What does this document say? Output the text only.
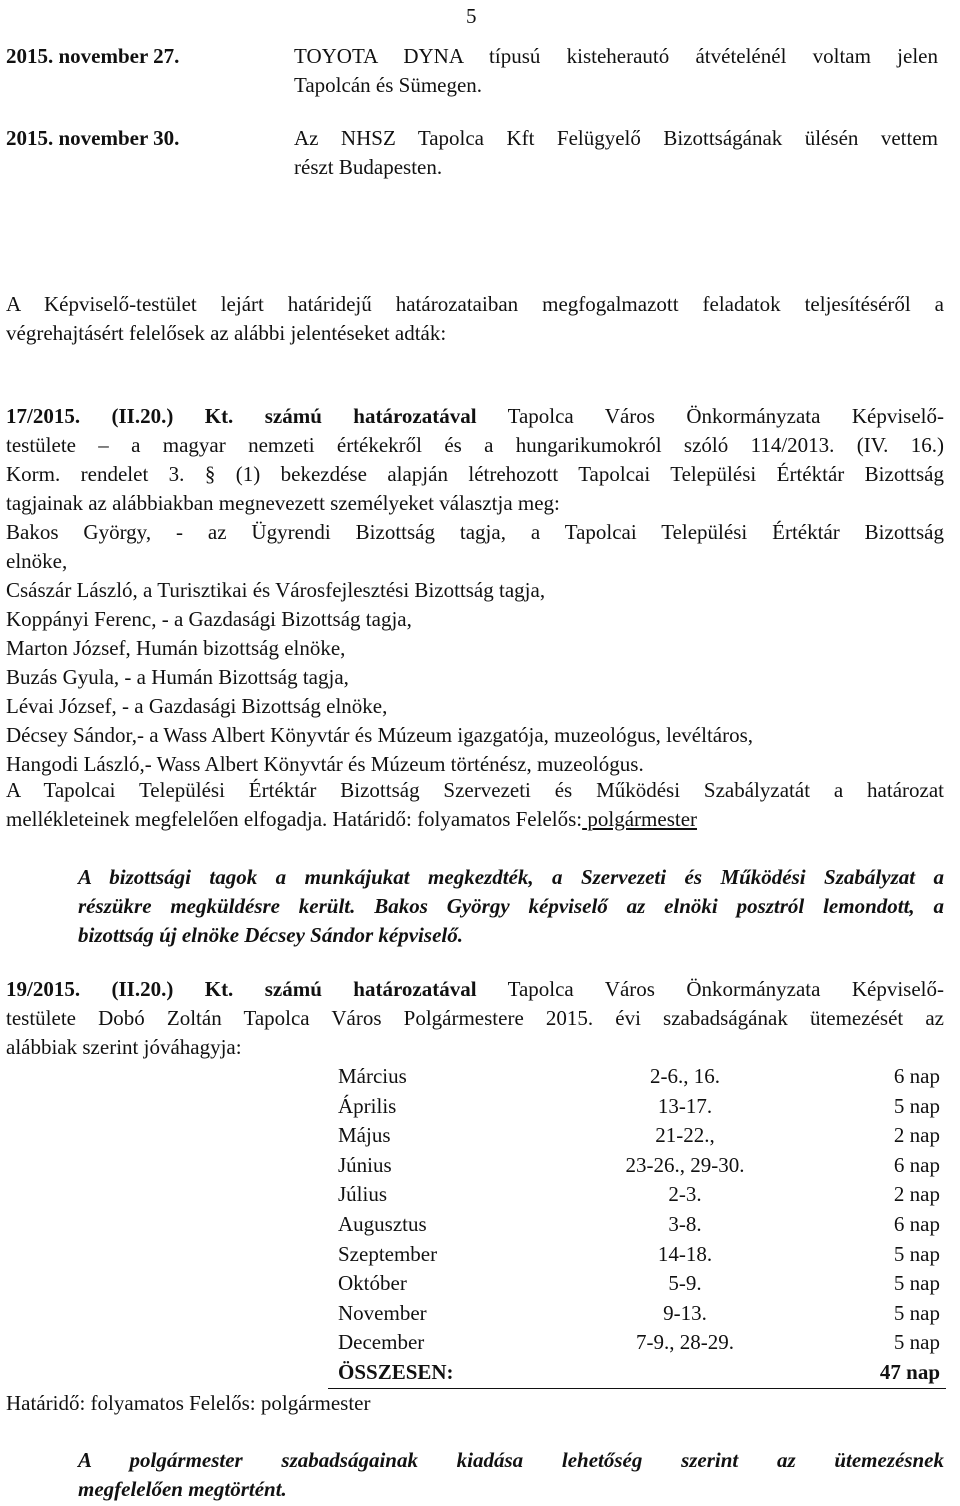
5
2015. november 27.	TOYOTA DYNA típusú kisteherautó átvételénél voltam jelen
Tapolcán és Sümegen.
2015. november 30.	Az NHSZ Tapolca Kft Felügyelő Bizottságának ülésén vettem
részt Budapesten.
A Képviselő-testület lejárt határidejű határozataiban megfogalmazott feladatok teljesítéséről a
végrehajtásért felelősek az alábbi jelentéseket adták:
17/2015. (II.20.) Kt. számú határozatával Tapolca Város Önkormányzata Képviselő-
testülete – a magyar nemzeti értékekről és a hungarikumokról szóló 114/2013. (IV. 16.)
Korm. rendelet 3. § (1) bekezdése alapján létrehozott Tapolcai Települési Értéktár Bizottság
tagjainak az alábbiakban megnevezett személyeket választja meg:
Bakos György, - az Ügyrendi Bizottság tagja, a Tapolcai Települési Értéktár Bizottság
elnöke,
Császár László, a Turisztikai és Városfejlesztési Bizottság tagja,
Koppányi Ferenc, - a Gazdasági Bizottság tagja,
Marton József, Humán bizottság elnöke,
Buzás Gyula, - a Humán Bizottság tagja,
Lévai József, - a Gazdasági Bizottság elnöke,
Décsey Sándor,- a Wass Albert Könyvtár és Múzeum igazgatója, muzeológus, levéltáros,
Hangodi László,- Wass Albert Könyvtár és Múzeum történész, muzeológus.
A Tapolcai Települési Értéktár Bizottság Szervezeti és Működési Szabályzatát a határozat
mellékleteinek megfelelően elfogadja. Határidő: folyamatos Felelős: polgármester
A bizottsági tagok a munkájukat megkezdték, a Szervezeti és Működési Szabályzat a
részükre megküldésre került. Bakos György képviselő az elnöki posztról lemondott, a
bizottság új elnöke Décsey Sándor képviselő.
19/2015. (II.20.) Kt. számú határozatával Tapolca Város Önkormányzata Képviselő-
testülete Dobó Zoltán Tapolca Város Polgármestere 2015. évi szabadságának ütemezését az
alábbiak szerint jóváhagyja:
Március	2-6., 16.	6 nap
Április	13-17.	5 nap
Május	21-22.,	2 nap
Június	23-26., 29-30.	6 nap
Július	2-3.	2 nap
Augusztus	3-8.	6 nap
Szeptember	14-18.	5 nap
Október	5-9.	5 nap
November	9-13.	5 nap
December	7-9., 28-29.	5 nap
ÖSSZESEN:		47 nap
Határidő: folyamatos Felelős: polgármester
A polgármester szabadságainak kiadása lehetőség szerint az ütemezésnek
megfelelően megtörtént.
